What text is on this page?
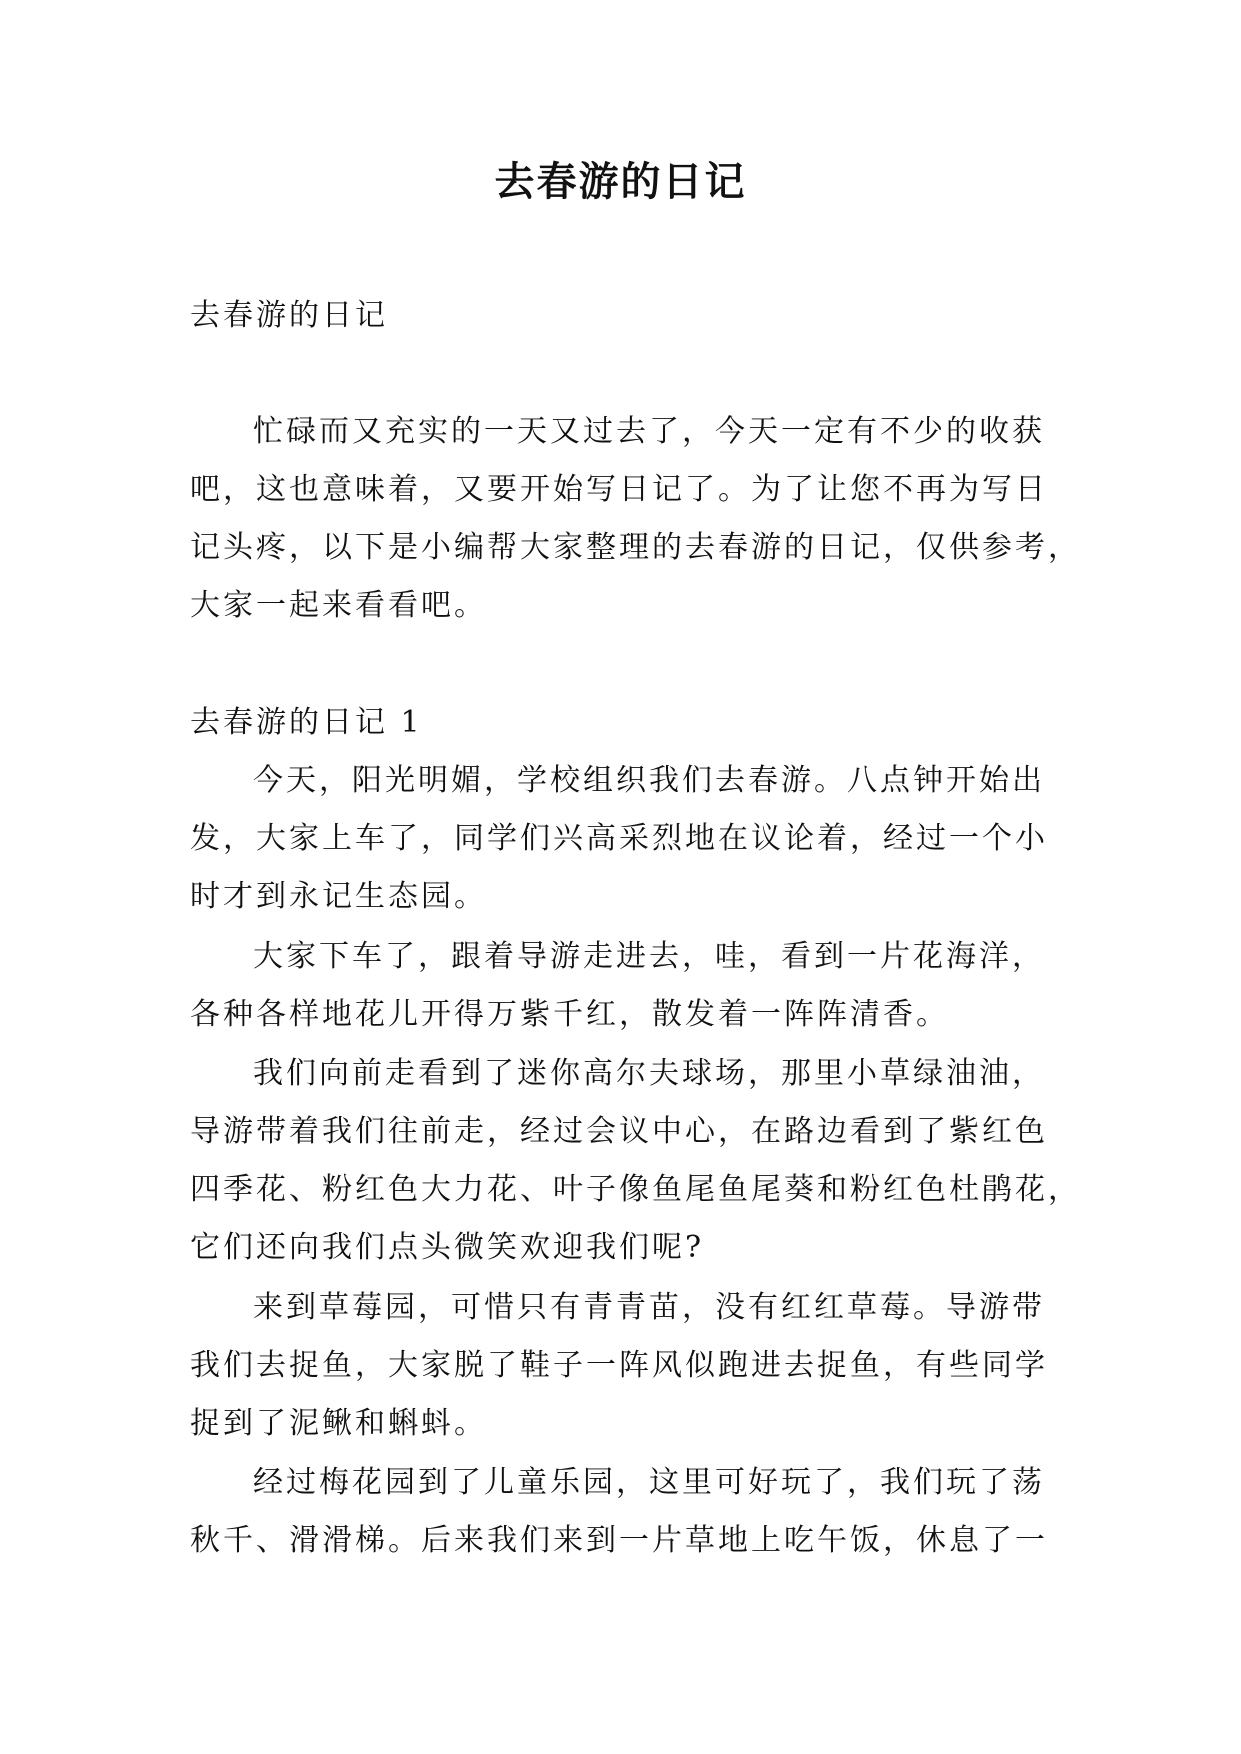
去春游的日记
去春游的日记
忙碌而又充实的一天又过去了，今天一定有不少的收获
吧，这也意味着，又要开始写日记了。为了让您不再为写日
记头疼，以下是小编帮大家整理的去春游的日记，仅供参考，
大家一起来看看吧。
去春游的日记 1
今天，阳光明媚，学校组织我们去春游。八点钟开始出
发，大家上车了，同学们兴高采烈地在议论着，经过一个小
时才到永记生态园。
大家下车了，跟着导游走进去，哇，看到一片花海洋，
各种各样地花儿开得万紫千红，散发着一阵阵清香。
我们向前走看到了迷你高尔夫球场，那里小草绿油油，
导游带着我们往前走，经过会议中心，在路边看到了紫红色
四季花、粉红色大力花、叶子像鱼尾鱼尾葵和粉红色杜鹃花，
它们还向我们点头微笑欢迎我们呢?
来到草莓园，可惜只有青青苗，没有红红草莓。导游带
我们去捉鱼，大家脱了鞋子一阵风似跑进去捉鱼，有些同学
捉到了泥鳅和蝌蚪。
经过梅花园到了儿童乐园，这里可好玩了，我们玩了荡
秋千、滑滑梯。后来我们来到一片草地上吃午饭，休息了一
